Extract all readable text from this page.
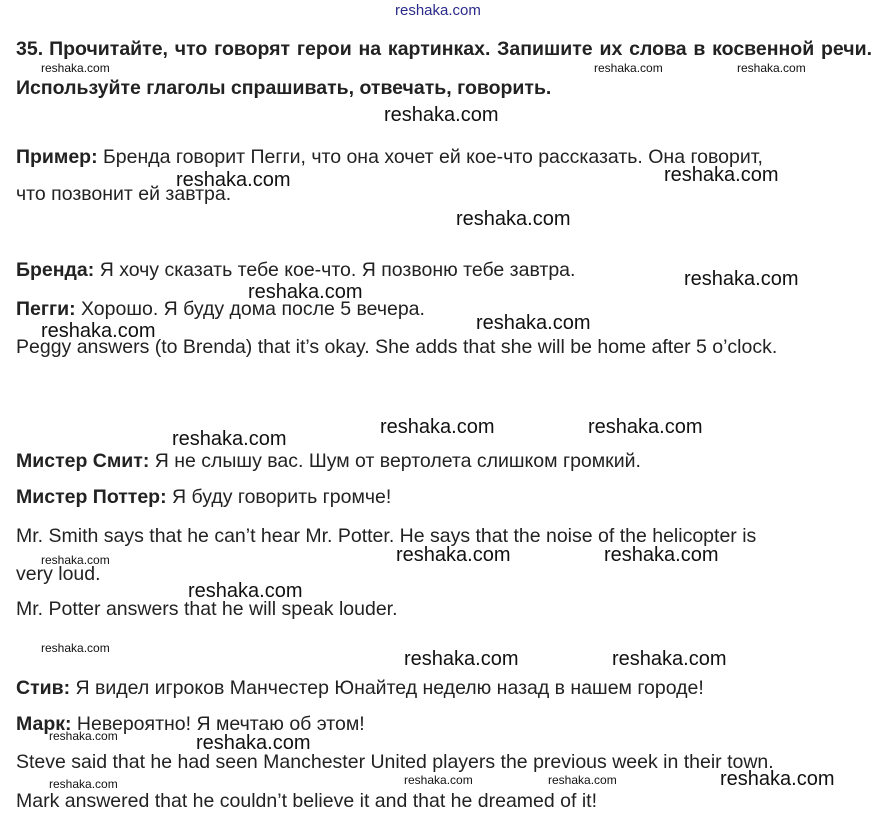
reshaka.com

35. Прочитайте, что говорят герои на картинках. Запишите их слова в косвенной речи. Используйте глаголы спрашивать, отвечать, говорить.

Пример: Бренда говорит Пегги, что она хочет ей кое-что рассказать. Она говорит,

что позвонит ей завтра.

Бренда: Я хочу сказать тебе кое-что. Я позвоню тебе завтра.

Пегги: Хорошо. Я буду дома после 5 вечера.

Peggy answers (to Brenda) that it’s okay. She adds that she will be home after 5 o’clock.

Мистер Смит: Я не слышу вас. Шум от вертолета слишком громкий.

Мистер Поттер: Я буду говорить громче!

Mr. Smith says that he can’t hear Mr. Potter. He says that the noise of the helicopter is

very loud.

Mr. Potter answers that he will speak louder.

Стив: Я видел игроков Манчестер Юнайтед неделю назад в нашем городе!

Марк: Невероятно! Я мечтаю об этом!

Steve said that he had seen Manchester United players the previous week in their town.

Mark answered that he couldn’t believe it and that he dreamed of it!

reshaka.com	reshaka.com	reshaka.com
reshaka.com
reshaka.com	reshaka.com
reshaka.com
reshaka.com
reshaka.com
reshaka.com
reshaka.com
reshaka.com	reshaka.com
reshaka.com
reshaka.com	reshaka.com	reshaka.com
reshaka.com
reshaka.com	reshaka.com	reshaka.com
reshaka.com	reshaka.com
reshaka.com	reshaka.com	reshaka.com	reshaka.com
